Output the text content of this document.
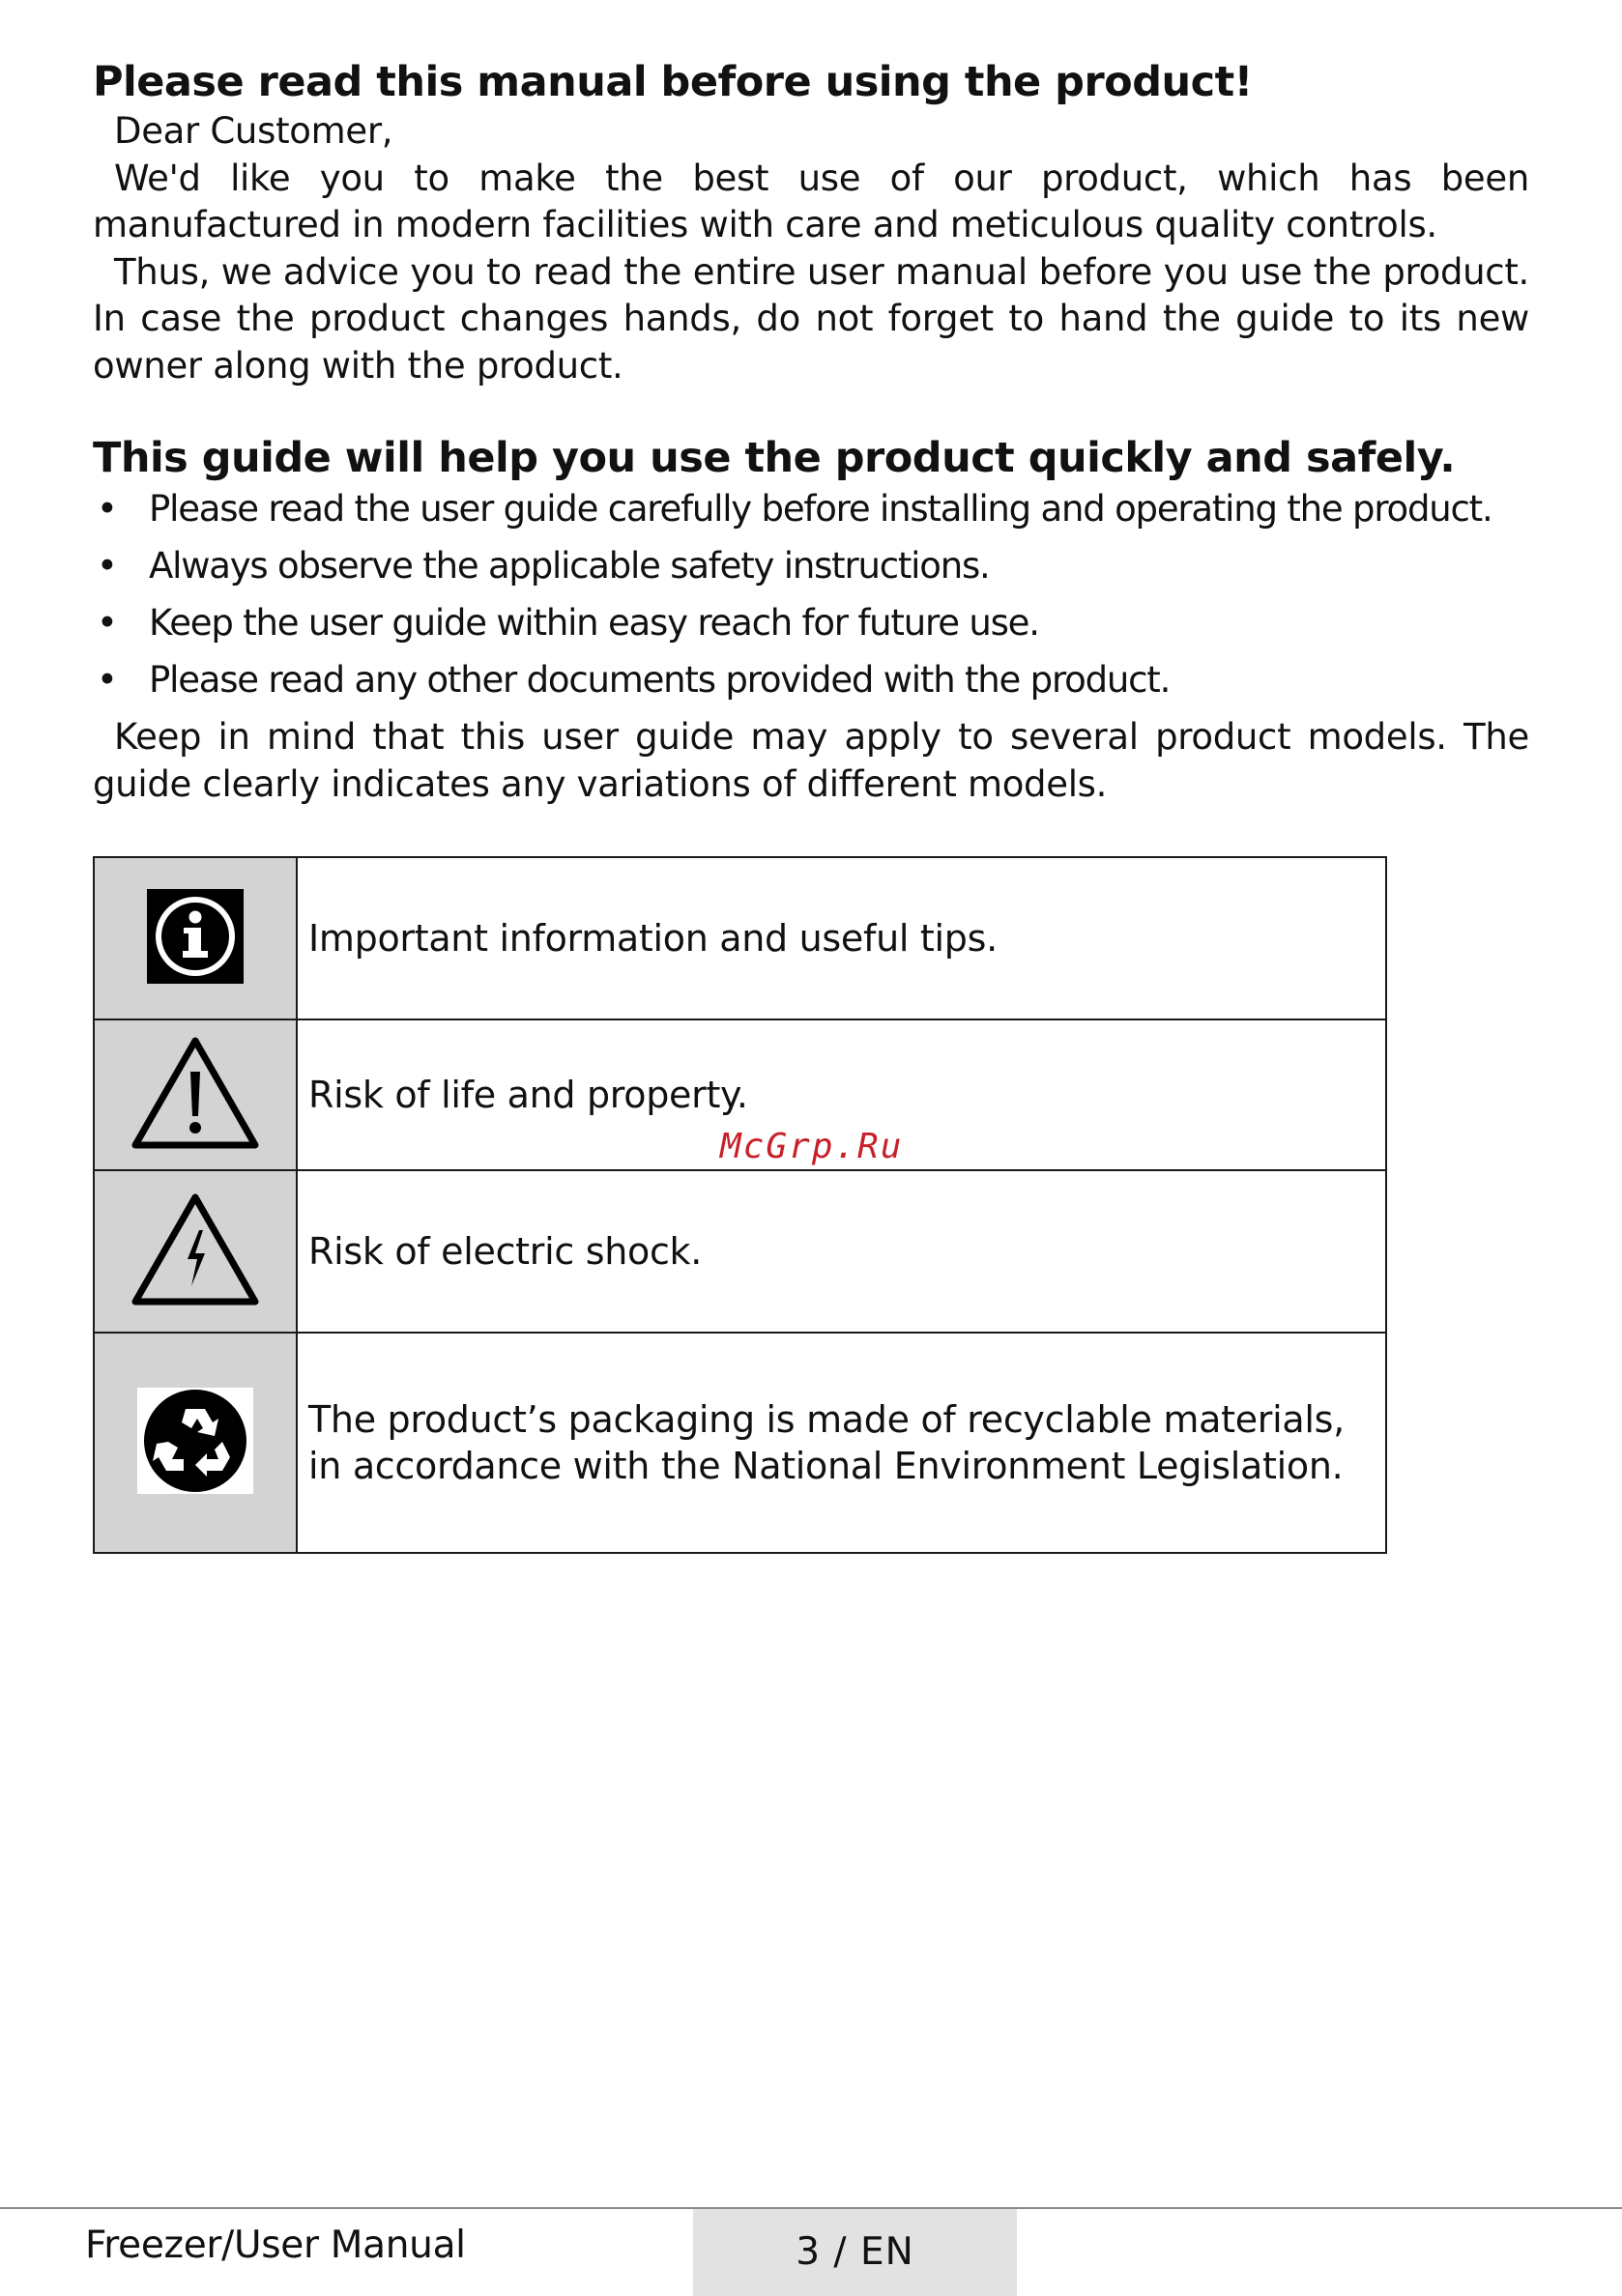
Please read this manual before using the product!

Dear Customer,

We'd like you to make the best use of our product, which has been manufactured in modern facilities with care and meticulous quality controls.

Thus, we advice you to read the entire user manual before you use the product. In case the product changes hands, do not forget to hand the guide to its new owner along with the product.

This guide will help you use the product quickly and safely.
• Please read the user guide carefully before installing and operating the product.
• Always observe the applicable safety instructions.
• Keep the user guide within easy reach for future use.
• Please read any other documents provided with the product.

Keep in mind that this user guide may apply to several product models. The guide clearly indicates any variations of different models.

	Important information and useful tips.
	Risk of life and property.
	Risk of electric shock.
	The product’s packaging is made of recyclable materials, in accordance with the National Environment Legislation.
McGrp.Ru
Freezer/User Manual	3 / EN
